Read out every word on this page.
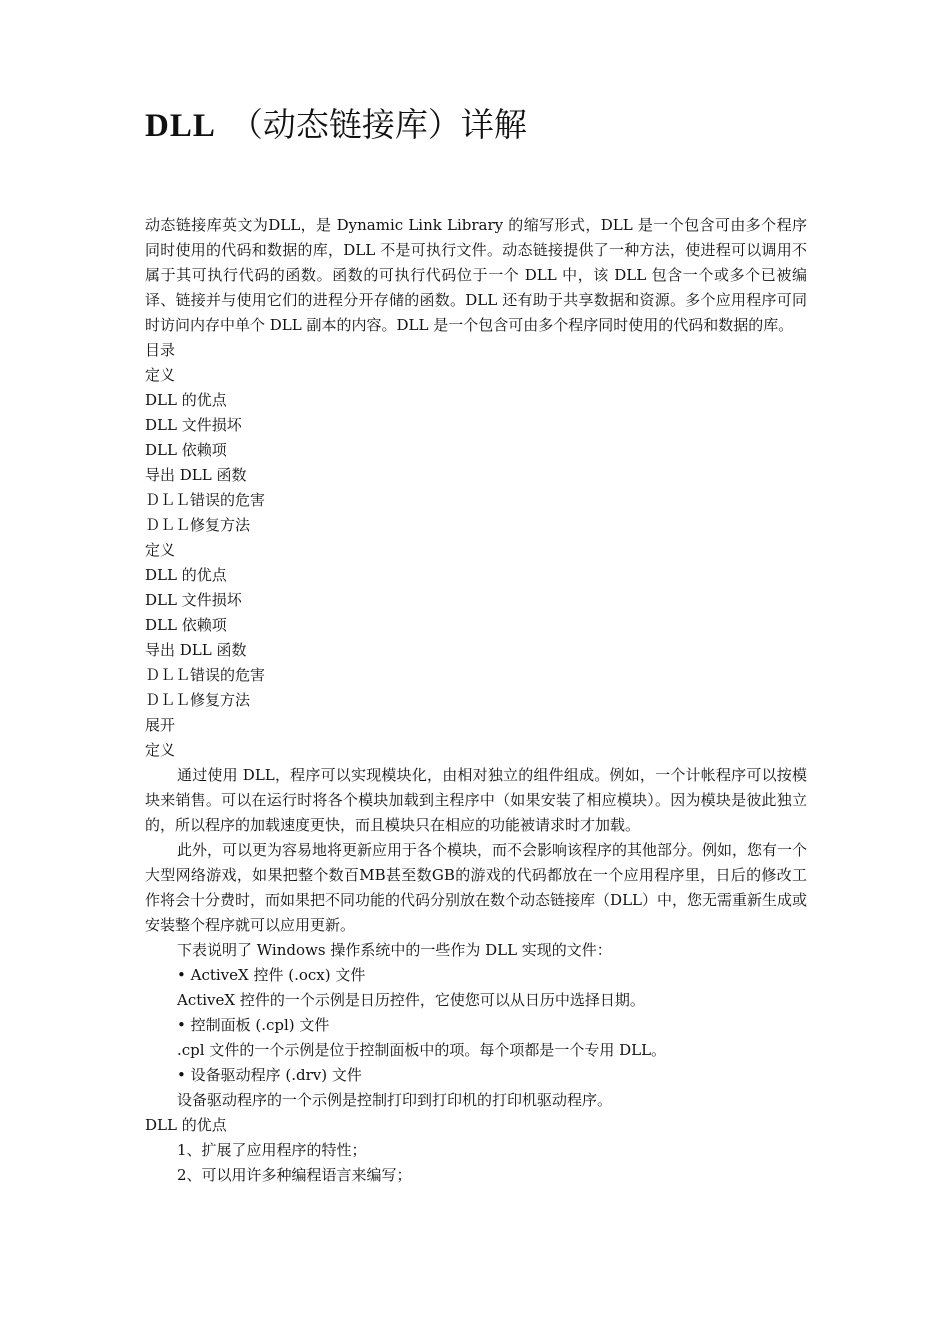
DLL （动态链接库）详解

动态链接库英文为DLL，是 Dynamic Link Library 的缩写形式，DLL 是一个包含可由多个程序同时使用的代码和数据的库，DLL 不是可执行文件。动态链接提供了一种方法，使进程可以调用不属于其可执行代码的函数。函数的可执行代码位于一个 DLL 中，该 DLL 包含一个或多个已被编译、链接并与使用它们的进程分开存储的函数。DLL 还有助于共享数据和资源。多个应用程序可同时访问内存中单个 DLL 副本的内容。DLL 是一个包含可由多个程序同时使用的代码和数据的库。

目录
定义
DLL 的优点
DLL 文件损坏
DLL 依赖项
导出 DLL 函数
ＤＬＬ错误的危害
ＤＬＬ修复方法
定义
DLL 的优点
DLL 文件损坏
DLL 依赖项
导出 DLL 函数
ＤＬＬ错误的危害
ＤＬＬ修复方法
展开
定义

通过使用 DLL，程序可以实现模块化，由相对独立的组件组成。例如，一个计帐程序可以按模块来销售。可以在运行时将各个模块加载到主程序中（如果安装了相应模块）。因为模块是彼此独立的，所以程序的加载速度更快，而且模块只在相应的功能被请求时才加载。

此外，可以更为容易地将更新应用于各个模块，而不会影响该程序的其他部分。例如，您有一个大型网络游戏，如果把整个数百MB甚至数GB的游戏的代码都放在一个应用程序里，日后的修改工作将会十分费时，而如果把不同功能的代码分别放在数个动态链接库（DLL）中，您无需重新生成或安装整个程序就可以应用更新。

下表说明了 Windows 操作系统中的一些作为 DLL 实现的文件：
• ActiveX 控件 (.ocx) 文件
ActiveX 控件的一个示例是日历控件，它使您可以从日历中选择日期。
• 控制面板 (.cpl) 文件
.cpl 文件的一个示例是位于控制面板中的项。每个项都是一个专用 DLL。
• 设备驱动程序 (.drv) 文件
设备驱动程序的一个示例是控制打印到打印机的打印机驱动程序。
DLL 的优点
1、扩展了应用程序的特性；
2、可以用许多种编程语言来编写；
